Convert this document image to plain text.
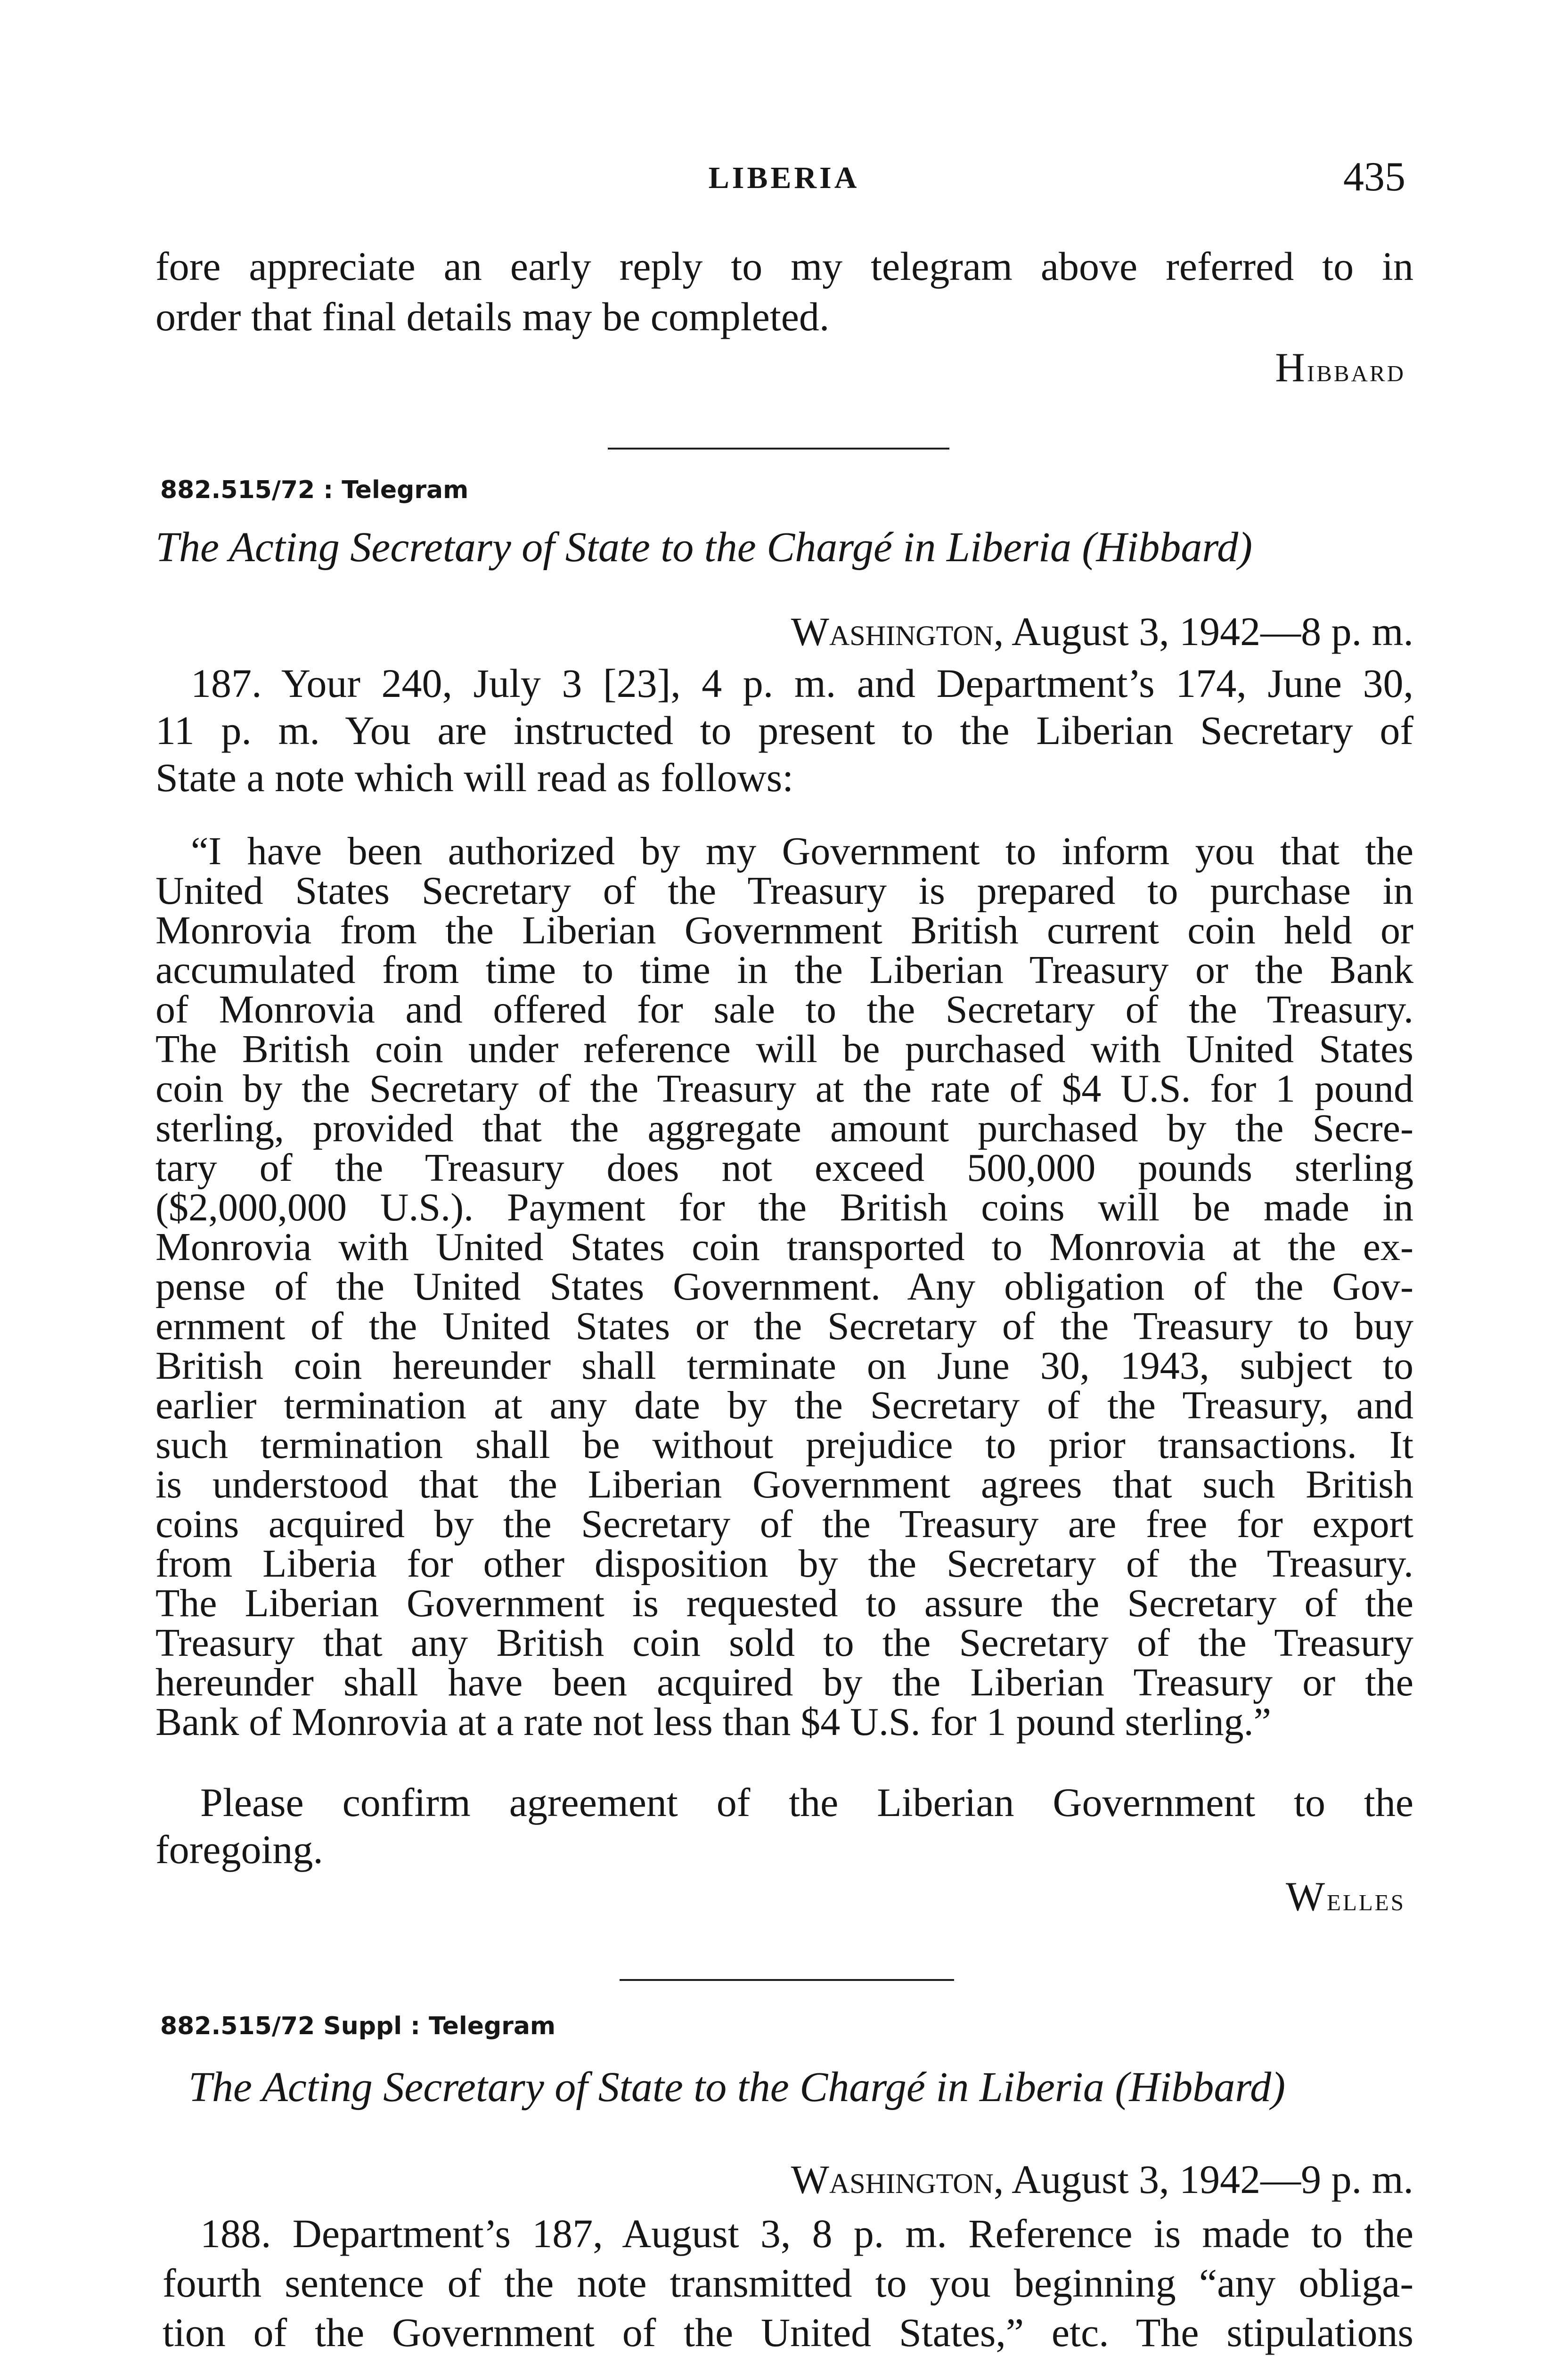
LIBERIA	435
fore appreciate an early reply to my telegram above referred to in
order that final details may be completed.
Hibbard
882.515/72 : Telegram
The Acting Secretary of State to the Chargé in Liberia (Hibbard)
Washington, August 3, 1942—8 p. m.
187. Your 240, July 3 [23], 4 p. m. and Department’s 174, June 30,
11 p. m. You are instructed to present to the Liberian Secretary of
State a note which will read as follows:
“I have been authorized by my Government to inform you that the
United States Secretary of the Treasury is prepared to purchase in
Monrovia from the Liberian Government British current coin held or
accumulated from time to time in the Liberian Treasury or the Bank
of Monrovia and offered for sale to the Secretary of the Treasury.
The British coin under reference will be purchased with United States
coin by the Secretary of the Treasury at the rate of $4 U.S. for 1 pound
sterling, provided that the aggregate amount purchased by the Secre-
tary of the Treasury does not exceed 500,000 pounds sterling
($2,000,000 U.S.). Payment for the British coins will be made in
Monrovia with United States coin transported to Monrovia at the ex-
pense of the United States Government. Any obligation of the Gov-
ernment of the United States or the Secretary of the Treasury to buy
British coin hereunder shall terminate on June 30, 1943, subject to
earlier termination at any date by the Secretary of the Treasury, and
such termination shall be without prejudice to prior transactions. It
is understood that the Liberian Government agrees that such British
coins acquired by the Secretary of the Treasury are free for export
from Liberia for other disposition by the Secretary of the Treasury.
The Liberian Government is requested to assure the Secretary of the
Treasury that any British coin sold to the Secretary of the Treasury
hereunder shall have been acquired by the Liberian Treasury or the
Bank of Monrovia at a rate not less than $4 U.S. for 1 pound sterling.”
Please confirm agreement of the Liberian Government to the
foregoing.
Welles
882.515/72 Suppl : Telegram
The Acting Secretary of State to the Chargé in Liberia (Hibbard)
Washington, August 3, 1942—9 p. m.
188. Department’s 187, August 3, 8 p. m. Reference is made to the
fourth sentence of the note transmitted to you beginning “any obliga-
tion of the Government of the United States,” etc. The stipulations
